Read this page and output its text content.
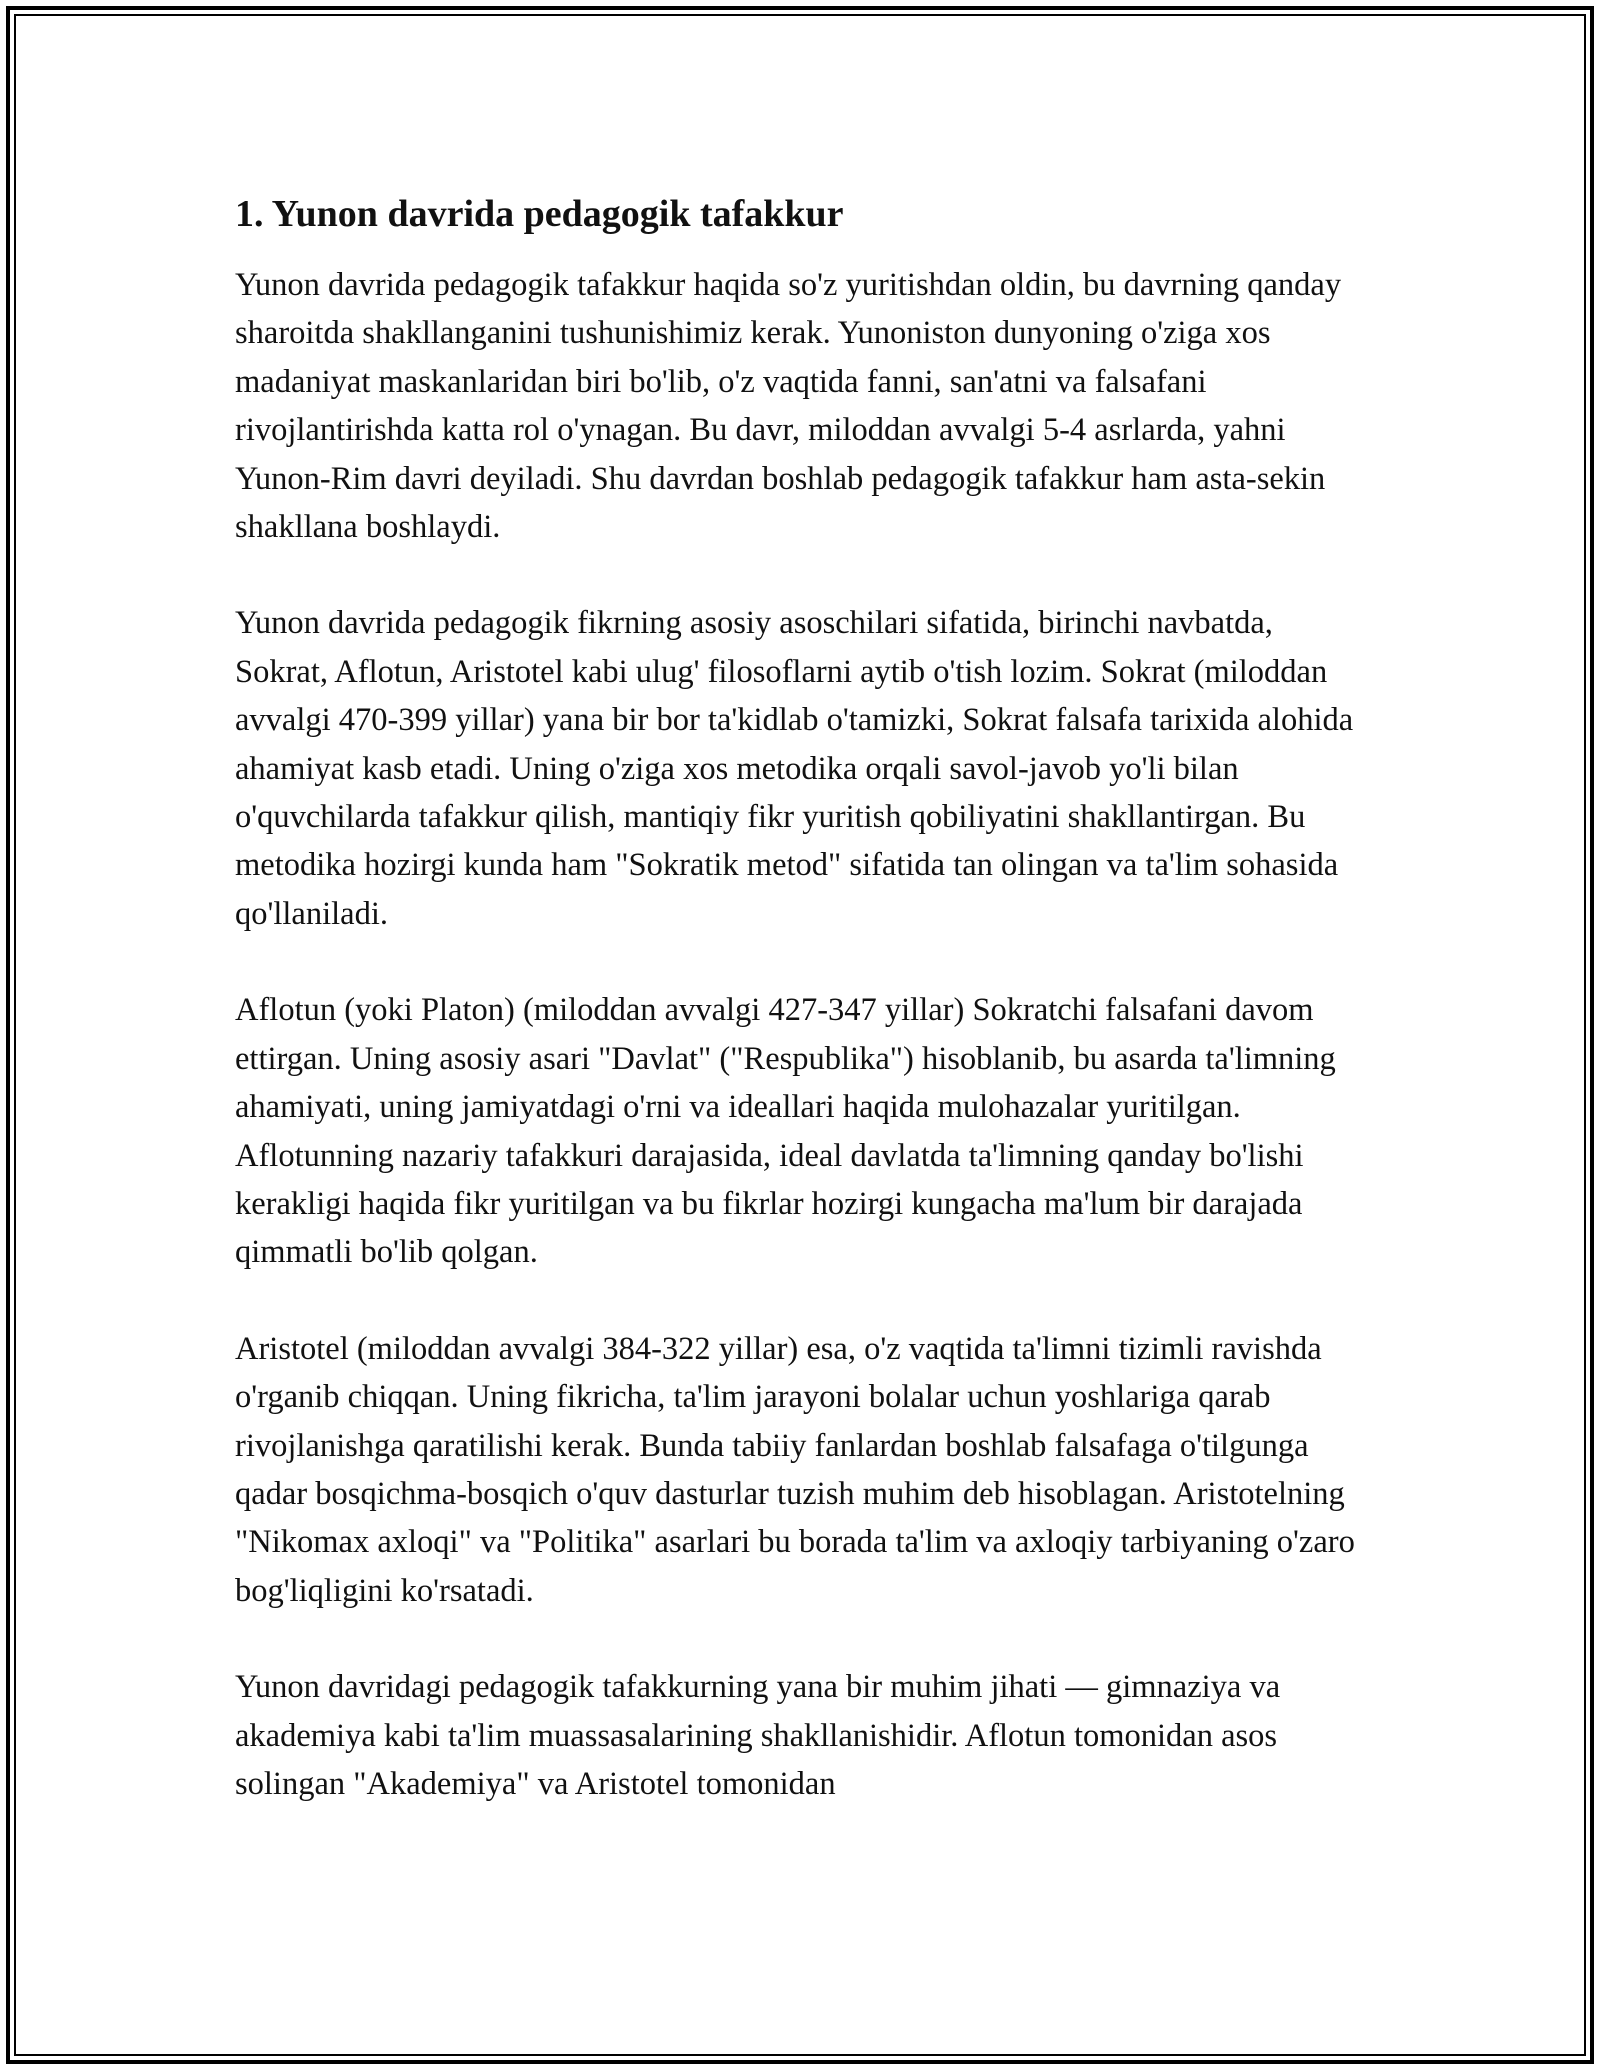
1. Yunon davrida pedagogik tafakkur

Yunon davrida pedagogik tafakkur haqida so'z yuritishdan oldin, bu davrning qanday sharoitda shakllanganini tushunishimiz kerak. Yunoniston dunyoning o'ziga xos madaniyat maskanlaridan biri bo'lib, o'z vaqtida fanni, san'atni va falsafani rivojlantirishda katta rol o'ynagan. Bu davr, miloddan avvalgi 5-4 asrlarda, yahni Yunon-Rim davri deyiladi. Shu davrdan boshlab pedagogik tafakkur ham asta-sekin shakllana boshlaydi.

Yunon davrida pedagogik fikrning asosiy asoschilari sifatida, birinchi navbatda, Sokrat, Aflotun, Aristotel kabi ulug' filosoflarni aytib o'tish lozim. Sokrat (miloddan avvalgi 470-399 yillar) yana bir bor ta'kidlab o'tamizki, Sokrat falsafa tarixida alohida ahamiyat kasb etadi. Uning o'ziga xos metodika orqali savol-javob yo'li bilan o'quvchilarda tafakkur qilish, mantiqiy fikr yuritish qobiliyatini shakllantirgan. Bu metodika hozirgi kunda ham "Sokratik metod" sifatida tan olingan va ta'lim sohasida qo'llaniladi.

Aflotun (yoki Platon) (miloddan avvalgi 427-347 yillar) Sokratchi falsafani davom ettirgan. Uning asosiy asari "Davlat" ("Respublika") hisoblanib, bu asarda ta'limning ahamiyati, uning jamiyatdagi o'rni va ideallari haqida mulohazalar yuritilgan. Aflotunning nazariy tafakkuri darajasida, ideal davlatda ta'limning qanday bo'lishi kerakligi haqida fikr yuritilgan va bu fikrlar hozirgi kungacha ma'lum bir darajada qimmatli bo'lib qolgan.

Aristotel (miloddan avvalgi 384-322 yillar) esa, o'z vaqtida ta'limni tizimli ravishda o'rganib chiqqan. Uning fikricha, ta'lim jarayoni bolalar uchun yoshlariga qarab rivojlanishga qaratilishi kerak. Bunda tabiiy fanlardan boshlab falsafaga o'tilgunga qadar bosqichma-bosqich o'quv dasturlar tuzish muhim deb hisoblagan. Aristotelning "Nikomax axloqi" va "Politika" asarlari bu borada ta'lim va axloqiy tarbiyaning o'zaro bog'liqligini ko'rsatadi.

Yunon davridagi pedagogik tafakkurning yana bir muhim jihati — gimnaziya va akademiya kabi ta'lim muassasalarining shakllanishidir. Aflotun tomonidan asos solingan "Akademiya" va Aristotel tomonidan
